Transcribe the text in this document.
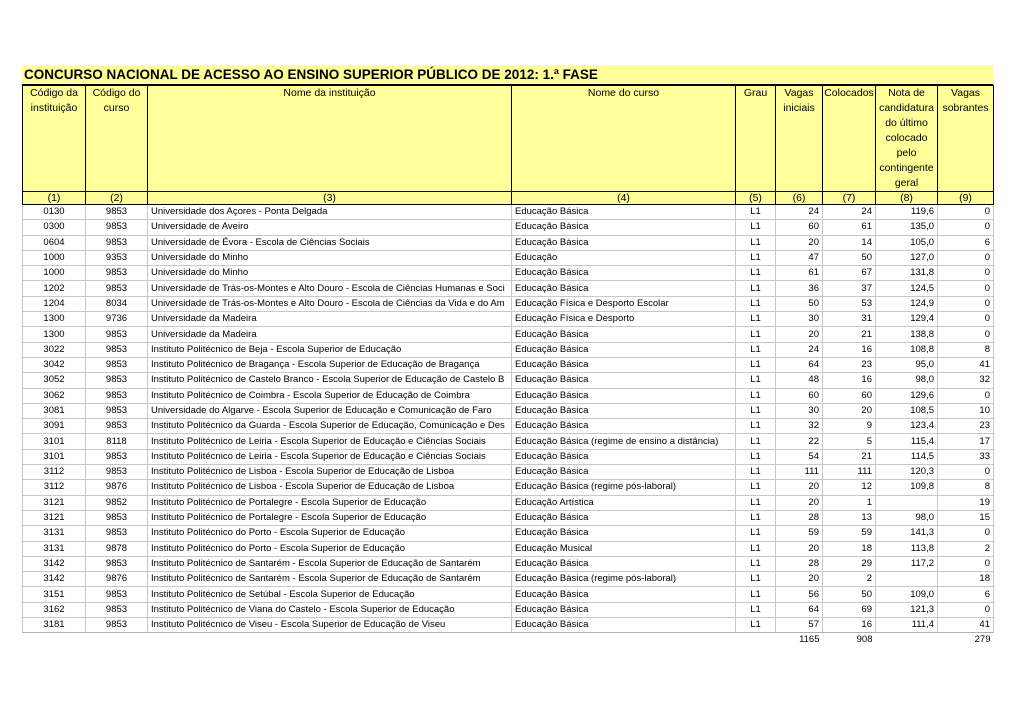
CONCURSO NACIONAL DE ACESSO AO ENSINO SUPERIOR PÚBLICO DE 2012: 1.ª FASE
Código da instituição	Código do curso	Nome da instituição	Nome do curso	Grau	Vagas iniciais	Colocados	Nota de candidatura do último colocado pelo contingente geral	Vagas sobrantes
(1)	(2)	(3)	(4)	(5)	(6)	(7)	(8)	(9)
0130	9853	Universidade dos Açores - Ponta Delgada	Educação Básica	L1	24	24	119,6	0
0300	9853	Universidade de Aveiro	Educação Básica	L1	60	61	135,0	0
0604	9853	Universidade de Évora - Escola de Ciências Sociais	Educação Básica	L1	20	14	105,0	6
1000	9353	Universidade do Minho	Educação	L1	47	50	127,0	0
1000	9853	Universidade do Minho	Educação Básica	L1	61	67	131,8	0
1202	9853	Universidade de Trás-os-Montes e Alto Douro - Escola de Ciências Humanas e Soci	Educação Básica	L1	36	37	124,5	0
1204	8034	Universidade de Trás-os-Montes e Alto Douro - Escola de Ciências da Vida e do Am	Educação Física e Desporto Escolar	L1	50	53	124,9	0
1300	9736	Universidade da Madeira	Educação Física e Desporto	L1	30	31	129,4	0
1300	9853	Universidade da Madeira	Educação Básica	L1	20	21	138,8	0
3022	9853	Instituto Politécnico de Beja - Escola Superior de Educação	Educação Básica	L1	24	16	108,8	8
3042	9853	Instituto Politécnico de Bragança - Escola Superior de Educação de Bragança	Educação Básica	L1	64	23	95,0	41
3052	9853	Instituto Politécnico de Castelo Branco - Escola Superior de Educação de Castelo B	Educação Básica	L1	48	16	98,0	32
3062	9853	Instituto Politécnico de Coimbra - Escola Superior de Educação de Coimbra	Educação Básica	L1	60	60	129,6	0
3081	9853	Universidade do Algarve - Escola Superior de Educação e Comunicação de Faro	Educação Básica	L1	30	20	108,5	10
3091	9853	Instituto Politécnico da Guarda - Escola Superior de Educação, Comunicação e Des	Educação Básica	L1	32	9	123,4	23
3101	8118	Instituto Politécnico de Leiria - Escola Superior de Educação e Ciências Sociais	Educação Básica (regime de ensino a distância)	L1	22	5	115,4	17
3101	9853	Instituto Politécnico de Leiria - Escola Superior de Educação e Ciências Sociais	Educação Básica	L1	54	21	114,5	33
3112	9853	Instituto Politécnico de Lisboa - Escola Superior de Educação de Lisboa	Educação Básica	L1	111	111	120,3	0
3112	9876	Instituto Politécnico de Lisboa - Escola Superior de Educação de Lisboa	Educação Básica (regime pós-laboral)	L1	20	12	109,8	8
3121	9852	Instituto Politécnico de Portalegre - Escola Superior de Educação	Educação Artística	L1	20	1		19
3121	9853	Instituto Politécnico de Portalegre - Escola Superior de Educação	Educação Básica	L1	28	13	98,0	15
3131	9853	Instituto Politécnico do Porto - Escola Superior de Educação	Educação Básica	L1	59	59	141,3	0
3131	9878	Instituto Politécnico do Porto - Escola Superior de Educação	Educação Musical	L1	20	18	113,8	2
3142	9853	Instituto Politécnico de Santarém - Escola Superior de Educação de Santarém	Educação Básica	L1	28	29	117,2	0
3142	9876	Instituto Politécnico de Santarém - Escola Superior de Educação de Santarém	Educação Básica (regime pós-laboral)	L1	20	2		18
3151	9853	Instituto Politécnico de Setúbal - Escola Superior de Educação	Educação Básica	L1	56	50	109,0	6
3162	9853	Instituto Politécnico de Viana do Castelo - Escola Superior de Educação	Educação Básica	L1	64	69	121,3	0
3181	9853	Instituto Politécnico de Viseu - Escola Superior de Educação de Viseu	Educação Básica	L1	57	16	111,4	41
					1165	908		279
